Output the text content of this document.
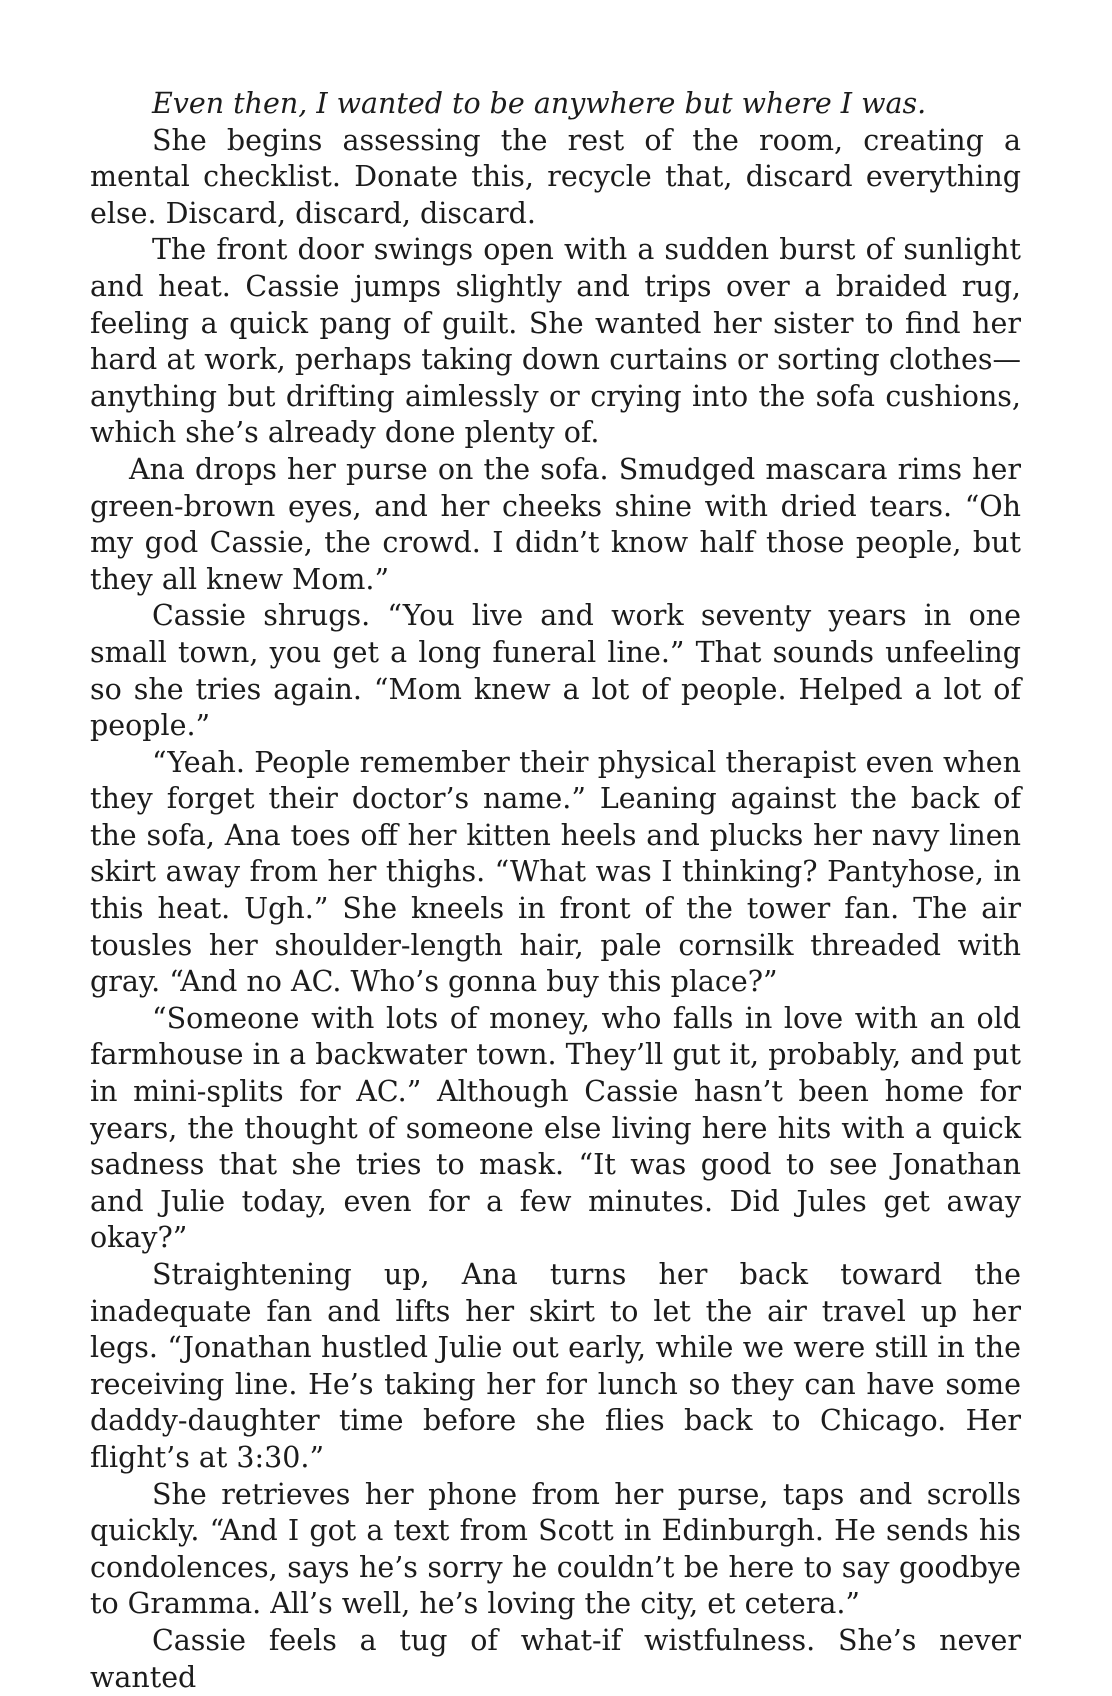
Even then, I wanted to be anywhere but where I was.

She begins assessing the rest of the room, creating a mental checklist. Donate this, recycle that, discard everything else. Discard, discard, discard.

The front door swings open with a sudden burst of sunlight and heat. Cassie jumps slightly and trips over a braided rug, feeling a quick pang of guilt. She wanted her sister to find her hard at work, perhaps taking down curtains or sorting clothes—anything but drifting aimlessly or crying into the sofa cushions, which she’s already done plenty of.

Ana drops her purse on the sofa. Smudged mascara rims her green-brown eyes, and her cheeks shine with dried tears. “Oh my god Cassie, the crowd. I didn’t know half those people, but they all knew Mom.”

Cassie shrugs. “You live and work seventy years in one small town, you get a long funeral line.” That sounds unfeeling so she tries again. “Mom knew a lot of people. Helped a lot of people.”

“Yeah. People remember their physical therapist even when they forget their doctor’s name.” Leaning against the back of the sofa, Ana toes off her kitten heels and plucks her navy linen skirt away from her thighs. “What was I thinking? Pantyhose, in this heat. Ugh.” She kneels in front of the tower fan. The air tousles her shoulder-length hair, pale cornsilk threaded with gray. “And no AC. Who’s gonna buy this place?”

“Someone with lots of money, who falls in love with an old farmhouse in a backwater town. They’ll gut it, probably, and put in mini-splits for AC.” Although Cassie hasn’t been home for years, the thought of someone else living here hits with a quick sadness that she tries to mask. “It was good to see Jonathan and Julie today, even for a few minutes. Did Jules get away okay?”

Straightening up, Ana turns her back toward the inadequate fan and lifts her skirt to let the air travel up her legs. “Jonathan hustled Julie out early, while we were still in the receiving line. He’s taking her for lunch so they can have some daddy-daughter time before she flies back to Chicago. Her flight’s at 3:30.”

She retrieves her phone from her purse, taps and scrolls quickly. “And I got a text from Scott in Edinburgh. He sends his condolences, says he’s sorry he couldn’t be here to say goodbye to Gramma. All’s well, he’s loving the city, et cetera.”

Cassie feels a tug of what-if wistfulness. She’s never wanted
